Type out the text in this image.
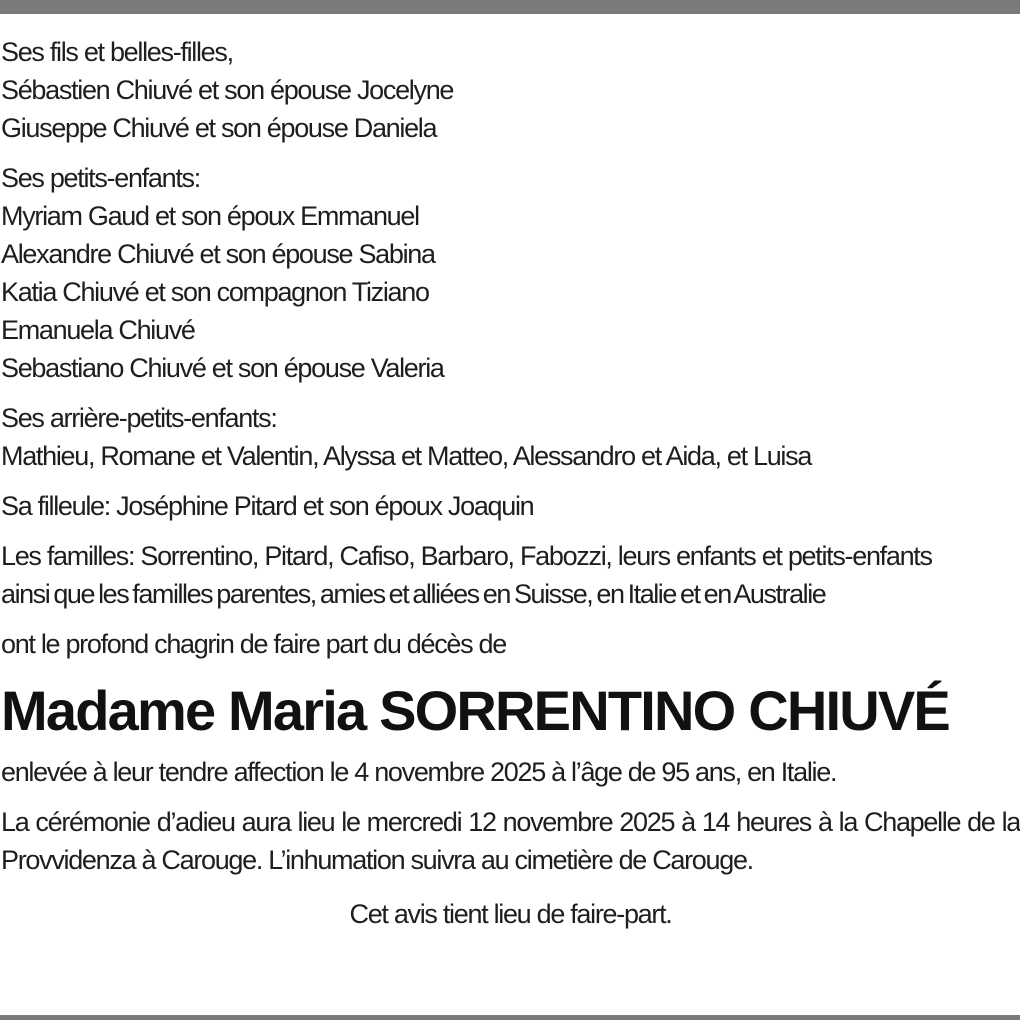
Ses fils et belles-filles,
Sébastien Chiuvé et son épouse Jocelyne
Giuseppe Chiuvé et son épouse Daniela

Ses petits-enfants:
Myriam Gaud et son époux Emmanuel
Alexandre Chiuvé et son épouse Sabina
Katia Chiuvé et son compagnon Tiziano
Emanuela Chiuvé
Sebastiano Chiuvé et son épouse Valeria

Ses arrière-petits-enfants:
Mathieu, Romane et Valentin, Alyssa et Matteo, Alessandro et Aida, et Luisa

Sa filleule: Joséphine Pitard et son époux Joaquin

Les familles: Sorrentino, Pitard, Cafiso, Barbaro, Fabozzi, leurs enfants et petits-enfants

ainsi que les familles parentes, amies et alliées en Suisse, en Italie et en Australie

ont le profond chagrin de faire part du décès de

Madame Maria SORRENTINO CHIUVÉ

enlevée à leur tendre affection le 4 novembre 2025 à l’âge de 95 ans, en Italie.

La cérémonie d’adieu aura lieu le mercredi 12 novembre 2025 à 14 heures à la Chapelle de la Provvidenza à Carouge. L’inhumation suivra au cimetière de Carouge.

Cet avis tient lieu de faire-part.
